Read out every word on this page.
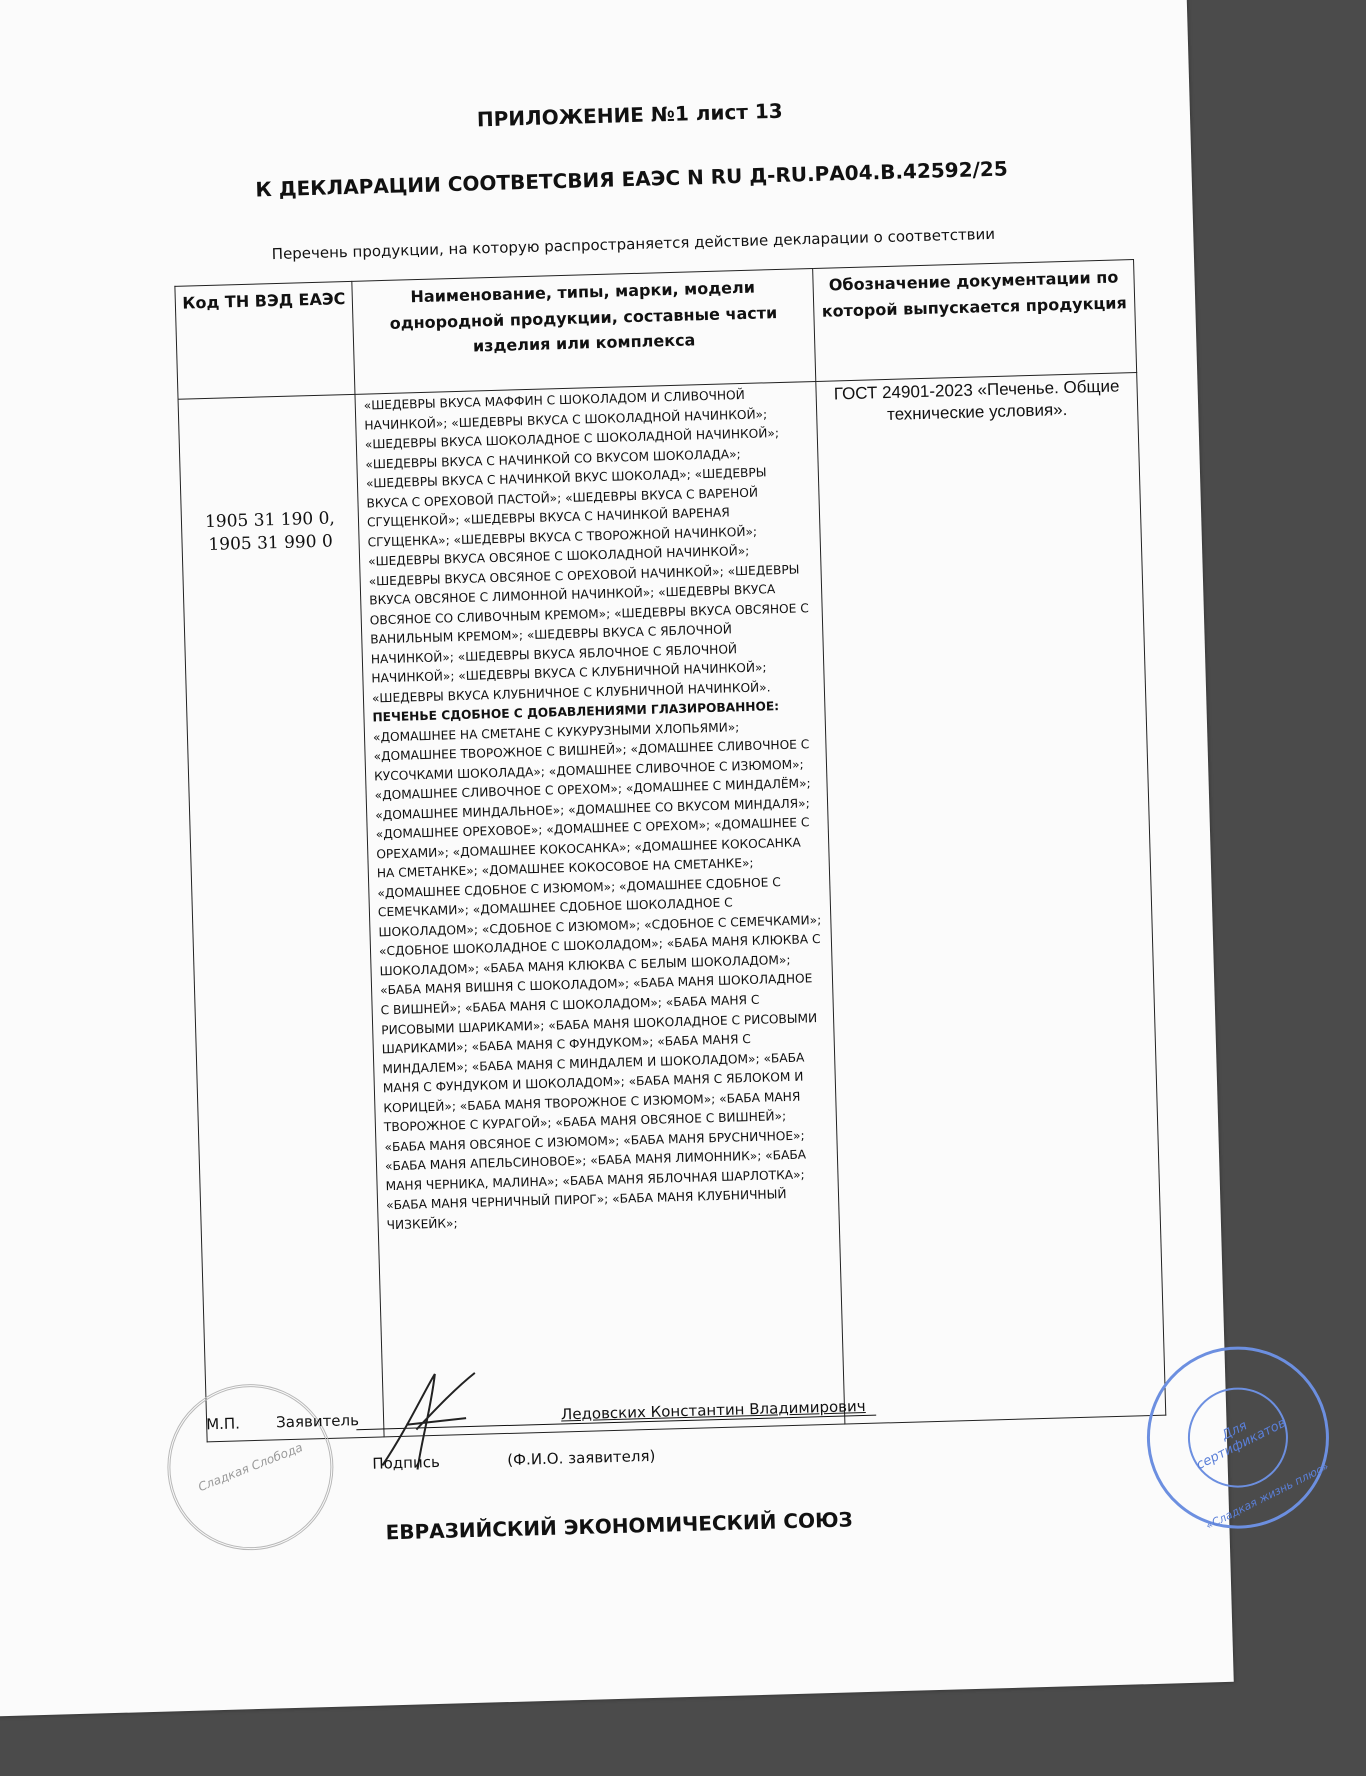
ПРИЛОЖЕНИЕ №1 лист 13

К ДЕКЛАРАЦИИ СООТВЕТСВИЯ ЕАЭС N RU Д-RU.РА04.В.42592/25

Перечень продукции, на которую распространяется действие декларации о соответствии

Код ТН ВЭД ЕАЭС	Наименование, типы, марки, модели однородной продукции, составные части изделия или комплекса	Обозначение документации по которой выпускается продукция
1905 31 190 0, 1905 31 990 0	«ШЕДЕВРЫ ВКУСА МАФФИН С ШОКОЛАДОМ И СЛИВОЧНОЙ НАЧИНКОЙ»; «ШЕДЕВРЫ ВКУСА С ШОКОЛАДНОЙ НАЧИНКОЙ»; «ШЕДЕВРЫ ВКУСА ШОКОЛАДНОЕ С ШОКОЛАДНОЙ НАЧИНКОЙ»; «ШЕДЕВРЫ ВКУСА С НАЧИНКОЙ СО ВКУСОМ ШОКОЛАДА»; «ШЕДЕВРЫ ВКУСА С НАЧИНКОЙ ВКУС ШОКОЛАД»; «ШЕДЕВРЫ ВКУСА С ОРЕХОВОЙ ПАСТОЙ»; «ШЕДЕВРЫ ВКУСА С ВАРЕНОЙ СГУЩЕНКОЙ»; «ШЕДЕВРЫ ВКУСА С НАЧИНКОЙ ВАРЕНАЯ СГУЩЕНКА»; «ШЕДЕВРЫ ВКУСА С ТВОРОЖНОЙ НАЧИНКОЙ»; «ШЕДЕВРЫ ВКУСА ОВСЯНОЕ С ШОКОЛАДНОЙ НАЧИНКОЙ»; «ШЕДЕВРЫ ВКУСА ОВСЯНОЕ С ОРЕХОВОЙ НАЧИНКОЙ»; «ШЕДЕВРЫ ВКУСА ОВСЯНОЕ С ЛИМОННОЙ НАЧИНКОЙ»; «ШЕДЕВРЫ ВКУСА ОВСЯНОЕ СО СЛИВОЧНЫМ КРЕМОМ»; «ШЕДЕВРЫ ВКУСА ОВСЯНОЕ С ВАНИЛЬНЫМ КРЕМОМ»; «ШЕДЕВРЫ ВКУСА С ЯБЛОЧНОЙ НАЧИНКОЙ»; «ШЕДЕВРЫ ВКУСА ЯБЛОЧНОЕ С ЯБЛОЧНОЙ НАЧИНКОЙ»; «ШЕДЕВРЫ ВКУСА С КЛУБНИЧНОЙ НАЧИНКОЙ»; «ШЕДЕВРЫ ВКУСА КЛУБНИЧНОЕ С КЛУБНИЧНОЙ НАЧИНКОЙ».
ПЕЧЕНЬЕ СДОБНОЕ С ДОБАВЛЕНИЯМИ ГЛАЗИРОВАННОЕ:
«ДОМАШНЕЕ НА СМЕТАНЕ С КУКУРУЗНЫМИ ХЛОПЬЯМИ»; «ДОМАШНЕЕ ТВОРОЖНОЕ С ВИШНЕЙ»; «ДОМАШНЕЕ СЛИВОЧНОЕ С КУСОЧКАМИ ШОКОЛАДА»; «ДОМАШНЕЕ СЛИВОЧНОЕ С ИЗЮМОМ»; «ДОМАШНЕЕ СЛИВОЧНОЕ С ОРЕХОМ»; «ДОМАШНЕЕ С МИНДАЛЁМ»; «ДОМАШНЕЕ МИНДАЛЬНОЕ»; «ДОМАШНЕЕ СО ВКУСОМ МИНДАЛЯ»; «ДОМАШНЕЕ ОРЕХОВОЕ»; «ДОМАШНЕЕ С ОРЕХОМ»; «ДОМАШНЕЕ С ОРЕХАМИ»; «ДОМАШНЕЕ КОКОСАНКА»; «ДОМАШНЕЕ КОКОСАНКА НА СМЕТАНКЕ»; «ДОМАШНЕЕ КОКОСОВОЕ НА СМЕТАНКЕ»; «ДОМАШНЕЕ СДОБНОЕ С ИЗЮМОМ»; «ДОМАШНЕЕ СДОБНОЕ С СЕМЕЧКАМИ»; «ДОМАШНЕЕ СДОБНОЕ ШОКОЛАДНОЕ С ШОКОЛАДОМ»; «СДОБНОЕ С ИЗЮМОМ»; «СДОБНОЕ С СЕМЕЧКАМИ»; «СДОБНОЕ ШОКОЛАДНОЕ С ШОКОЛАДОМ»; «БАБА МАНЯ КЛЮКВА С ШОКОЛАДОМ»; «БАБА МАНЯ КЛЮКВА С БЕЛЫМ ШОКОЛАДОМ»; «БАБА МАНЯ ВИШНЯ С ШОКОЛАДОМ»; «БАБА МАНЯ ШОКОЛАДНОЕ С ВИШНЕЙ»; «БАБА МАНЯ С ШОКОЛАДОМ»; «БАБА МАНЯ С РИСОВЫМИ ШАРИКАМИ»; «БАБА МАНЯ ШОКОЛАДНОЕ С РИСОВЫМИ ШАРИКАМИ»; «БАБА МАНЯ С ФУНДУКОМ»; «БАБА МАНЯ С МИНДАЛЕМ»; «БАБА МАНЯ С МИНДАЛЕМ И ШОКОЛАДОМ»; «БАБА МАНЯ С ФУНДУКОМ И ШОКОЛАДОМ»; «БАБА МАНЯ С ЯБЛОКОМ И КОРИЦЕЙ»; «БАБА МАНЯ ТВОРОЖНОЕ С ИЗЮМОМ»; «БАБА МАНЯ ТВОРОЖНОЕ С КУРАГОЙ»; «БАБА МАНЯ ОВСЯНОЕ С ВИШНЕЙ»; «БАБА МАНЯ ОВСЯНОЕ С ИЗЮМОМ»; «БАБА МАНЯ БРУСНИЧНОЕ»; «БАБА МАНЯ АПЕЛЬСИНОВОЕ»; «БАБА МАНЯ ЛИМОННИК»; «БАБА МАНЯ ЧЕРНИКА, МАЛИНА»; «БАБА МАНЯ ЯБЛОЧНАЯ ШАРЛОТКА»; «БАБА МАНЯ ЧЕРНИЧНЫЙ ПИРОГ»; «БАБА МАНЯ КЛУБНИЧНЫЙ ЧИЗКЕЙК»;	ГОСТ 24901-2023 «Печенье. Общие технические условия».
Сладкая Слобода
М.П. Заявитель	Ледовских Константин Владимирович
Подпись	(Ф.И.О. заявителя)
ЕВРАЗИЙСКИЙ ЭКОНОМИЧЕСКИЙ СОЮЗ
Для сертификатов
«Сладкая жизнь плюс»
